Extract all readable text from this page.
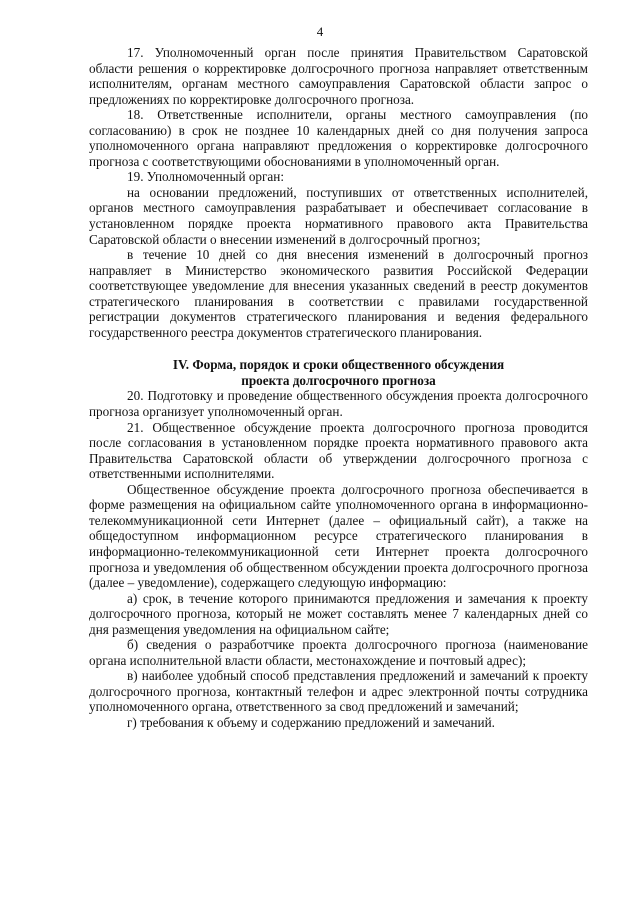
4

17. Уполномоченный орган после принятия Правительством Саратовской области решения о корректировке долгосрочного прогноза направляет ответственным исполнителям, органам местного самоуправления Саратовской области запрос о предложениях по корректировке долгосрочного прогноза.

18. Ответственные исполнители, органы местного самоуправления (по согласованию) в срок не позднее 10 календарных дней со дня получения запроса уполномоченного органа направляют предложения о корректировке долгосрочного прогноза с соответствующими обоснованиями в уполномоченный орган.

19. Уполномоченный орган:

на основании предложений, поступивших от ответственных исполнителей, органов местного самоуправления разрабатывает и обеспечивает согласование в установленном порядке проекта нормативного правового акта Правительства Саратовской области о внесении изменений в долгосрочный прогноз;

в течение 10 дней со дня внесения изменений в долгосрочный прогноз направляет в Министерство экономического развития Российской Федерации соответствующее уведомление для внесения указанных сведений в реестр документов стратегического планирования в соответствии с правилами государственной регистрации документов стратегического планирования и ведения федерального государственного реестра документов стратегического планирования.

IV. Форма, порядок и сроки общественного обсуждения
проекта долгосрочного прогноза

20. Подготовку и проведение общественного обсуждения проекта долгосрочного прогноза организует уполномоченный орган.

21. Общественное обсуждение проекта долгосрочного прогноза проводится после согласования в установленном порядке проекта нормативного правового акта Правительства Саратовской области об утверждении долгосрочного прогноза с ответственными исполнителями.

Общественное обсуждение проекта долгосрочного прогноза обеспечивается в форме размещения на официальном сайте уполномоченного органа в информационно-телекоммуникационной сети Интернет (далее – официальный сайт), а также на общедоступном информационном ресурсе стратегического планирования в информационно-телекоммуникационной сети Интернет проекта долгосрочного прогноза и уведомления об общественном обсуждении проекта долгосрочного прогноза (далее – уведомление), содержащего следующую информацию:

а) срок, в течение которого принимаются предложения и замечания к проекту долгосрочного прогноза, который не может составлять менее 7 календарных дней со дня размещения уведомления на официальном сайте;

б) сведения о разработчике проекта долгосрочного прогноза (наименование органа исполнительной власти области, местонахождение и почтовый адрес);

в) наиболее удобный способ представления предложений и замечаний к проекту долгосрочного прогноза, контактный телефон и адрес электронной почты сотрудника уполномоченного органа, ответственного за свод предложений и замечаний;

г) требования к объему и содержанию предложений и замечаний.
